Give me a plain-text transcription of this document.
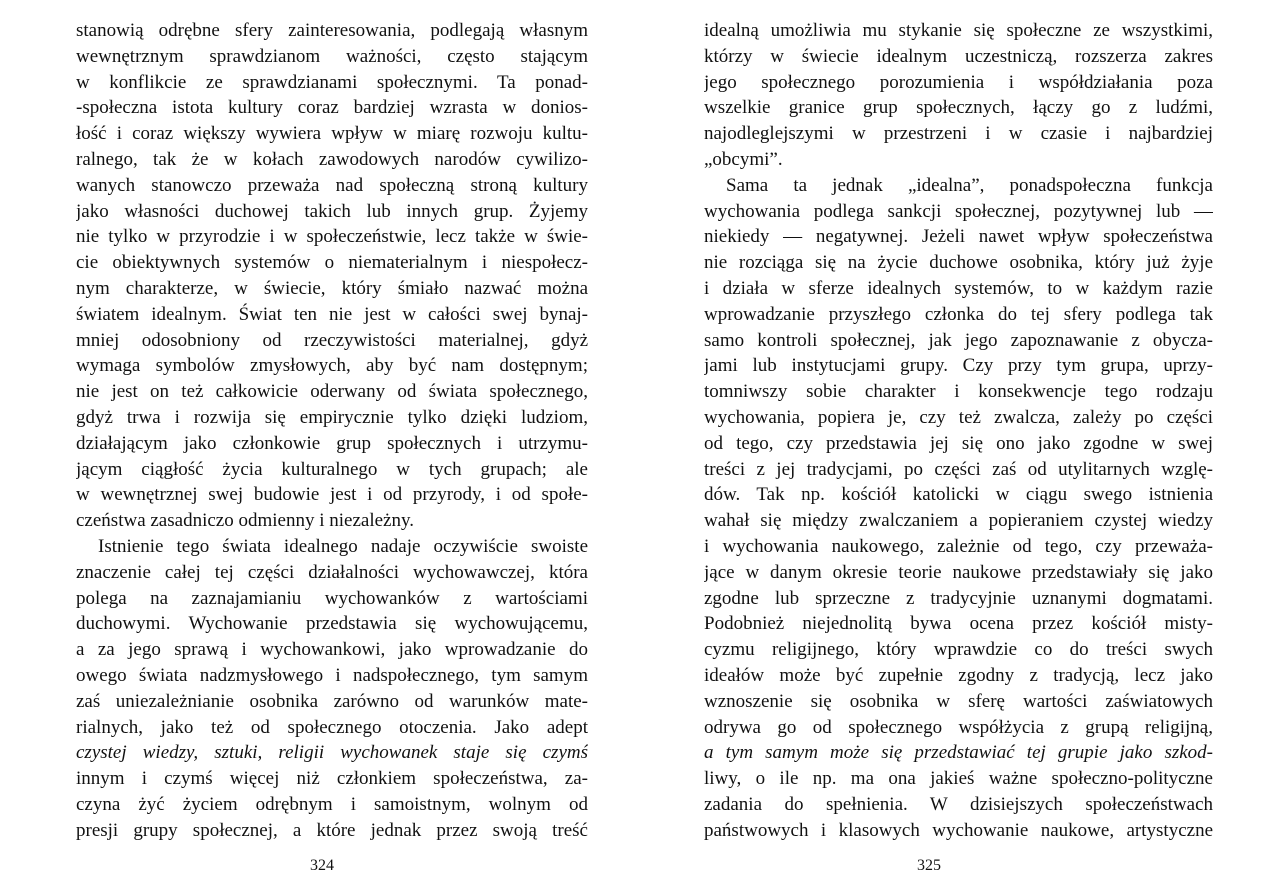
stanowią odrębne sfery zainteresowania, podlegają własnym
wewnętrznym sprawdzianom ważności, często stającym
w konflikcie ze sprawdzianami społecznymi. Ta ponad-
-społeczna istota kultury coraz bardziej wzrasta w donios-
łość i coraz większy wywiera wpływ w miarę rozwoju kultu-
ralnego, tak że w kołach zawodowych narodów cywilizo-
wanych stanowczo przeważa nad społeczną stroną kultury
jako własności duchowej takich lub innych grup. Żyjemy
nie tylko w przyrodzie i w społeczeństwie, lecz także w świe-
cie obiektywnych systemów o niematerialnym i niespołecz-
nym charakterze, w świecie, który śmiało nazwać można
światem idealnym. Świat ten nie jest w całości swej bynaj-
mniej odosobniony od rzeczywistości materialnej, gdyż
wymaga symbolów zmysłowych, aby być nam dostępnym;
nie jest on też całkowicie oderwany od świata społecznego,
gdyż trwa i rozwija się empirycznie tylko dzięki ludziom,
działającym jako członkowie grup społecznych i utrzymu-
jącym ciągłość życia kulturalnego w tych grupach; ale
w wewnętrznej swej budowie jest i od przyrody, i od społe-
czeństwa zasadniczo odmienny i niezależny.
Istnienie tego świata idealnego nadaje oczywiście swoiste
znaczenie całej tej części działalności wychowawczej, która
polega na zaznajamianiu wychowanków z wartościami
duchowymi. Wychowanie przedstawia się wychowującemu,
a za jego sprawą i wychowankowi, jako wprowadzanie do
owego świata nadzmysłowego i nadspołecznego, tym samym
zaś uniezależnianie osobnika zarówno od warunków mate-
rialnych, jako też od społecznego otoczenia. Jako adept
czystej wiedzy, sztuki, religii wychowanek staje się czymś
innym i czymś więcej niż członkiem społeczeństwa, za-
czyna żyć życiem odrębnym i samoistnym, wolnym od
presji grupy społecznej, a które jednak przez swoją treść
324
idealną umożliwia mu stykanie się społeczne ze wszystkimi,
którzy w świecie idealnym uczestniczą, rozszerza zakres
jego społecznego porozumienia i współdziałania poza
wszelkie granice grup społecznych, łączy go z ludźmi,
najodleglejszymi w przestrzeni i w czasie i najbardziej
„obcymi”.
Sama ta jednak „idealna”, ponadspołeczna funkcja
wychowania podlega sankcji społecznej, pozytywnej lub —
niekiedy — negatywnej. Jeżeli nawet wpływ społeczeństwa
nie rozciąga się na życie duchowe osobnika, który już żyje
i działa w sferze idealnych systemów, to w każdym razie
wprowadzanie przyszłego członka do tej sfery podlega tak
samo kontroli społecznej, jak jego zapoznawanie z obycza-
jami lub instytucjami grupy. Czy przy tym grupa, uprzy-
tomniwszy sobie charakter i konsekwencje tego rodzaju
wychowania, popiera je, czy też zwalcza, zależy po części
od tego, czy przedstawia jej się ono jako zgodne w swej
treści z jej tradycjami, po części zaś od utylitarnych wzglę-
dów. Tak np. kościół katolicki w ciągu swego istnienia
wahał się między zwalczaniem a popieraniem czystej wiedzy
i wychowania naukowego, zależnie od tego, czy przeważa-
jące w danym okresie teorie naukowe przedstawiały się jako
zgodne lub sprzeczne z tradycyjnie uznanymi dogmatami.
Podobnież niejednolitą bywa ocena przez kościół misty-
cyzmu religijnego, który wprawdzie co do treści swych
ideałów może być zupełnie zgodny z tradycją, lecz jako
wznoszenie się osobnika w sferę wartości zaświatowych
odrywa go od społecznego współżycia z grupą religijną,
a tym samym może się przedstawiać tej grupie jako szkod-
liwy, o ile np. ma ona jakieś ważne społeczno-polityczne
zadania do spełnienia. W dzisiejszych społeczeństwach
państwowych i klasowych wychowanie naukowe, artystyczne
325
